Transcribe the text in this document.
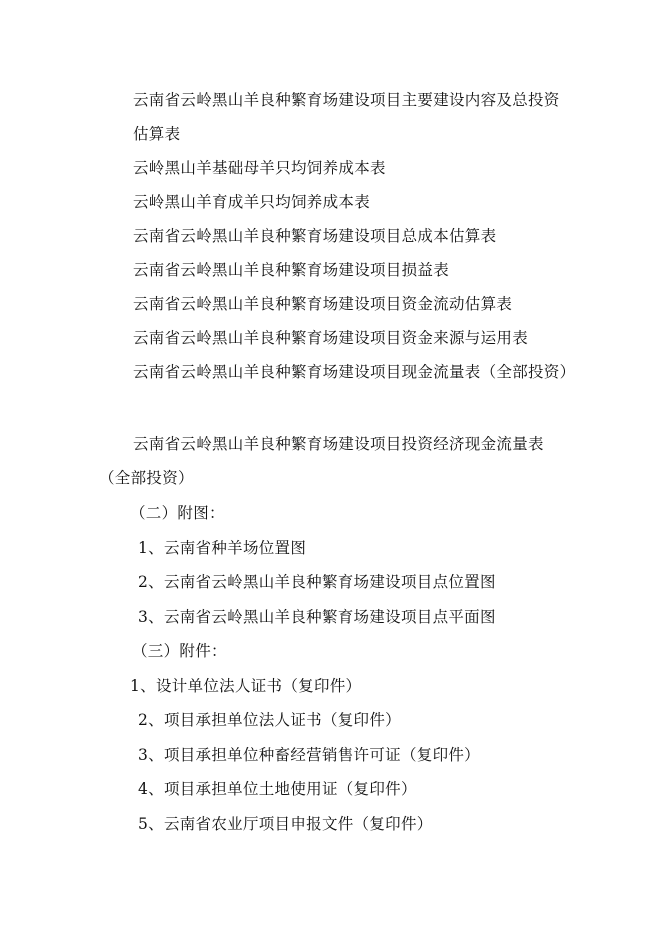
云南省云岭黑山羊良种繁育场建设项目主要建设内容及总投资
估算表
云岭黑山羊基础母羊只均饲养成本表
云岭黑山羊育成羊只均饲养成本表
云南省云岭黑山羊良种繁育场建设项目总成本估算表
云南省云岭黑山羊良种繁育场建设项目损益表
云南省云岭黑山羊良种繁育场建设项目资金流动估算表
云南省云岭黑山羊良种繁育场建设项目资金来源与运用表
云南省云岭黑山羊良种繁育场建设项目现金流量表（全部投资）
云南省云岭黑山羊良种繁育场建设项目投资经济现金流量表
（全部投资）
（二）附图：
1、云南省种羊场位置图
2、云南省云岭黑山羊良种繁育场建设项目点位置图
3、云南省云岭黑山羊良种繁育场建设项目点平面图
（三）附件：
1、设计单位法人证书（复印件）
2、项目承担单位法人证书（复印件）
3、项目承担单位种畜经营销售许可证（复印件）
4、项目承担单位土地使用证（复印件）
5、云南省农业厅项目申报文件（复印件）
